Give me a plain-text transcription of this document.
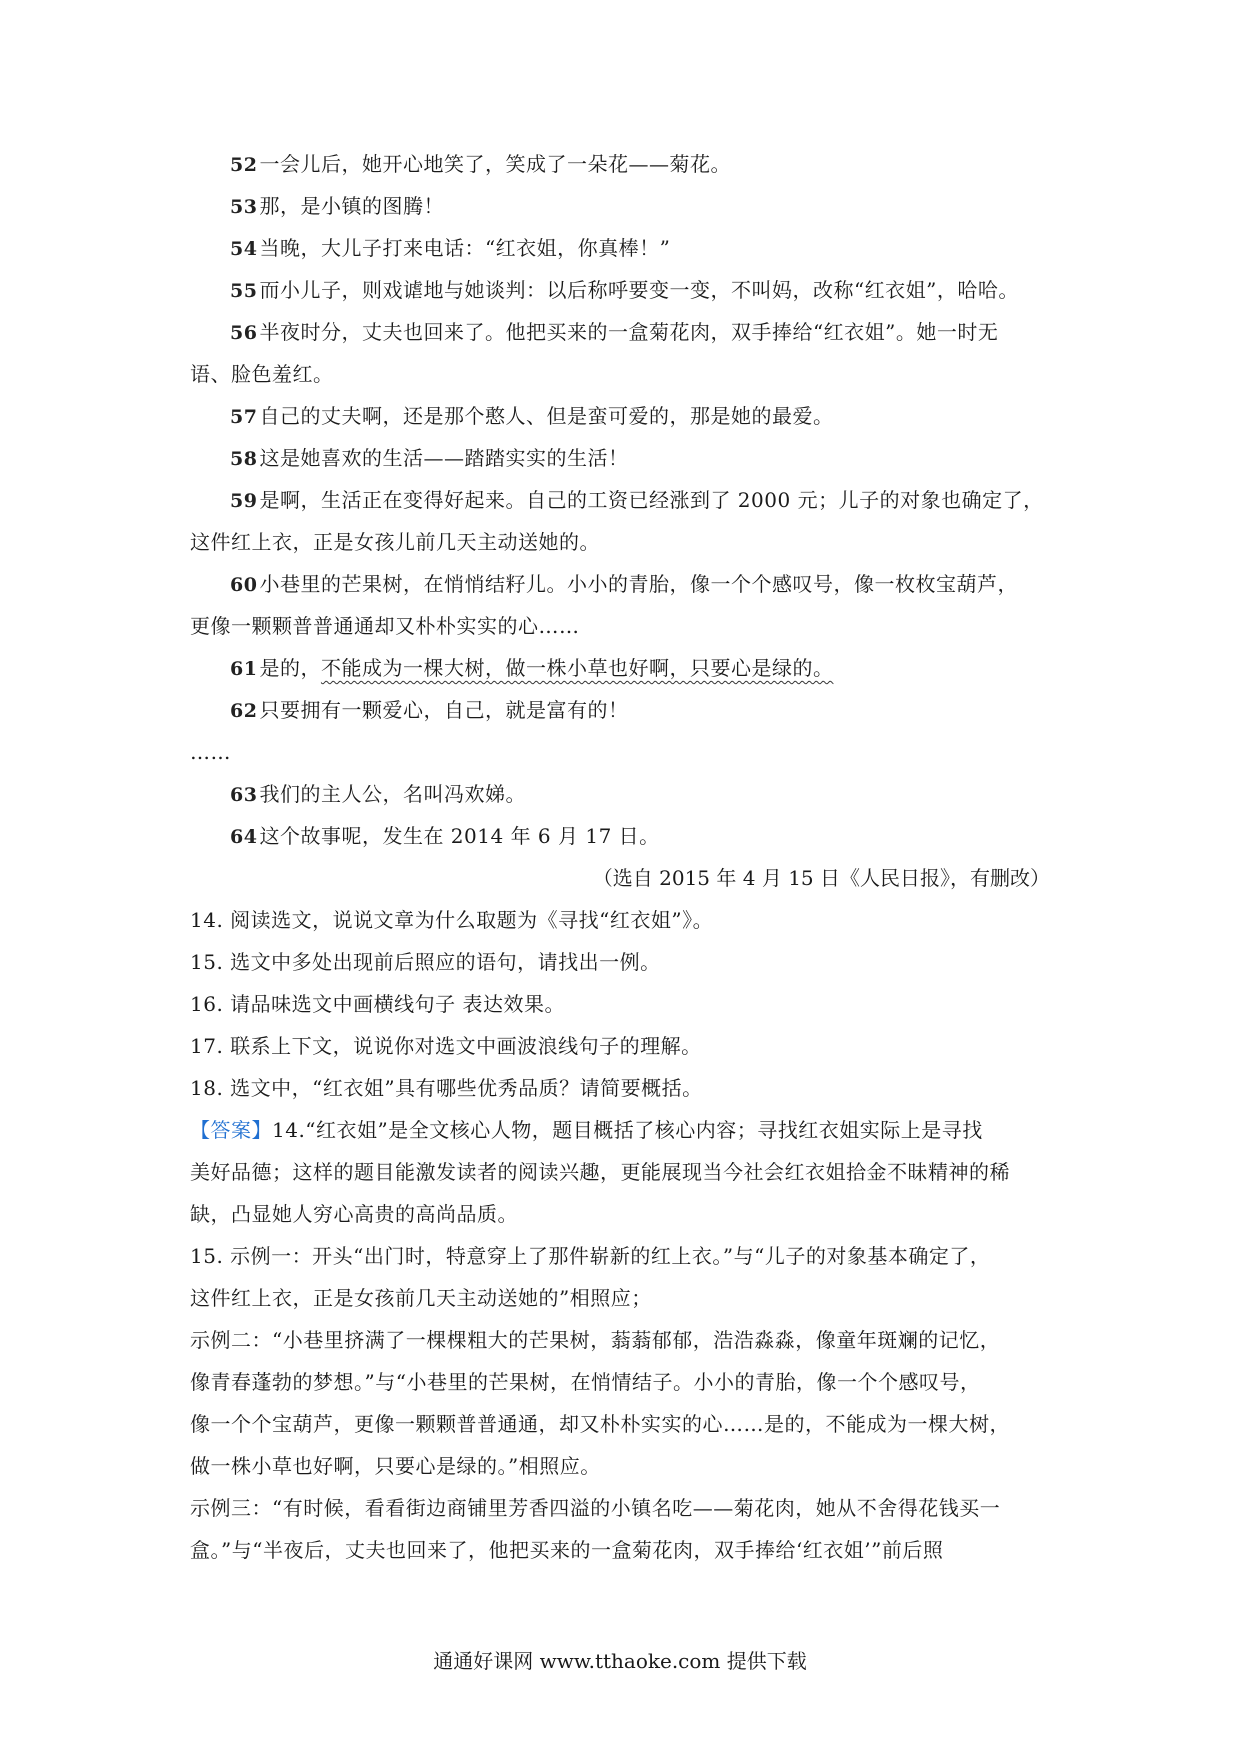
52 一会儿后，她开心地笑了，笑成了一朵花——菊花。
53 那，是小镇的图腾！
54 当晚，大儿子打来电话：“红衣姐，你真棒！”
55 而小儿子，则戏谑地与她谈判：以后称呼要变一变，不叫妈，改称“红衣姐”，哈哈。
56 半夜时分，丈夫也回来了。他把买来的一盒菊花肉，双手捧给“红衣姐”。她一时无
语、脸色羞红。
57 自己的丈夫啊，还是那个憨人、但是蛮可爱的，那是她的最爱。
58 这是她喜欢的生活——踏踏实实的生活！
59 是啊，生活正在变得好起来。自己的工资已经涨到了 2000 元；儿子的对象也确定了，
这件红上衣，正是女孩儿前几天主动送她的。
60 小巷里的芒果树，在悄悄结籽儿。小小的青胎，像一个个感叹号，像一枚枚宝葫芦，
更像一颗颗普普通通却又朴朴实实的心……
61 是的，不能成为一棵大树，做一株小草也好啊，只要心是绿的。
62 只要拥有一颗爱心，自己，就是富有的！
……
63 我们的主人公，名叫冯欢娣。
64 这个故事呢，发生在 2014 年 6 月 17 日。
（选自 2015 年 4 月 15 日《人民日报》，有删改）
14. 阅读选文，说说文章为什么取题为《寻找“红衣姐”》。
15. 选文中多处出现前后照应的语句，请找出一例。
16. 请品味选文中画横线句子 表达效果。
17. 联系上下文，说说你对选文中画波浪线句子的理解。
18. 选文中，“红衣姐”具有哪些优秀品质？请简要概括。
【答案】14.“红衣姐”是全文核心人物，题目概括了核心内容；寻找红衣姐实际上是寻找
美好品德；这样的题目能激发读者的阅读兴趣，更能展现当今社会红衣姐拾金不昧精神的稀
缺，凸显她人穷心高贵的高尚品质。
15. 示例一：开头“出门时，特意穿上了那件崭新的红上衣。”与“儿子的对象基本确定了，
这件红上衣，正是女孩前几天主动送她的”相照应；
示例二：“小巷里挤满了一棵棵粗大的芒果树，蓊蓊郁郁，浩浩淼淼，像童年斑斓的记忆，
像青春蓬勃的梦想。”与“小巷里的芒果树，在悄情结子。小小的青胎，像一个个感叹号，
像一个个宝葫芦，更像一颗颗普普通通，却又朴朴实实的心……是的，不能成为一棵大树，
做一株小草也好啊，只要心是绿的。”相照应。
示例三：“有时候，看看街边商铺里芳香四溢的小镇名吃——菊花肉，她从不舍得花钱买一
盒。”与“半夜后，丈夫也回来了，他把买来的一盒菊花肉，双手捧给‘红衣姐’”前后照
通通好课网 www.tthaoke.com 提供下载
